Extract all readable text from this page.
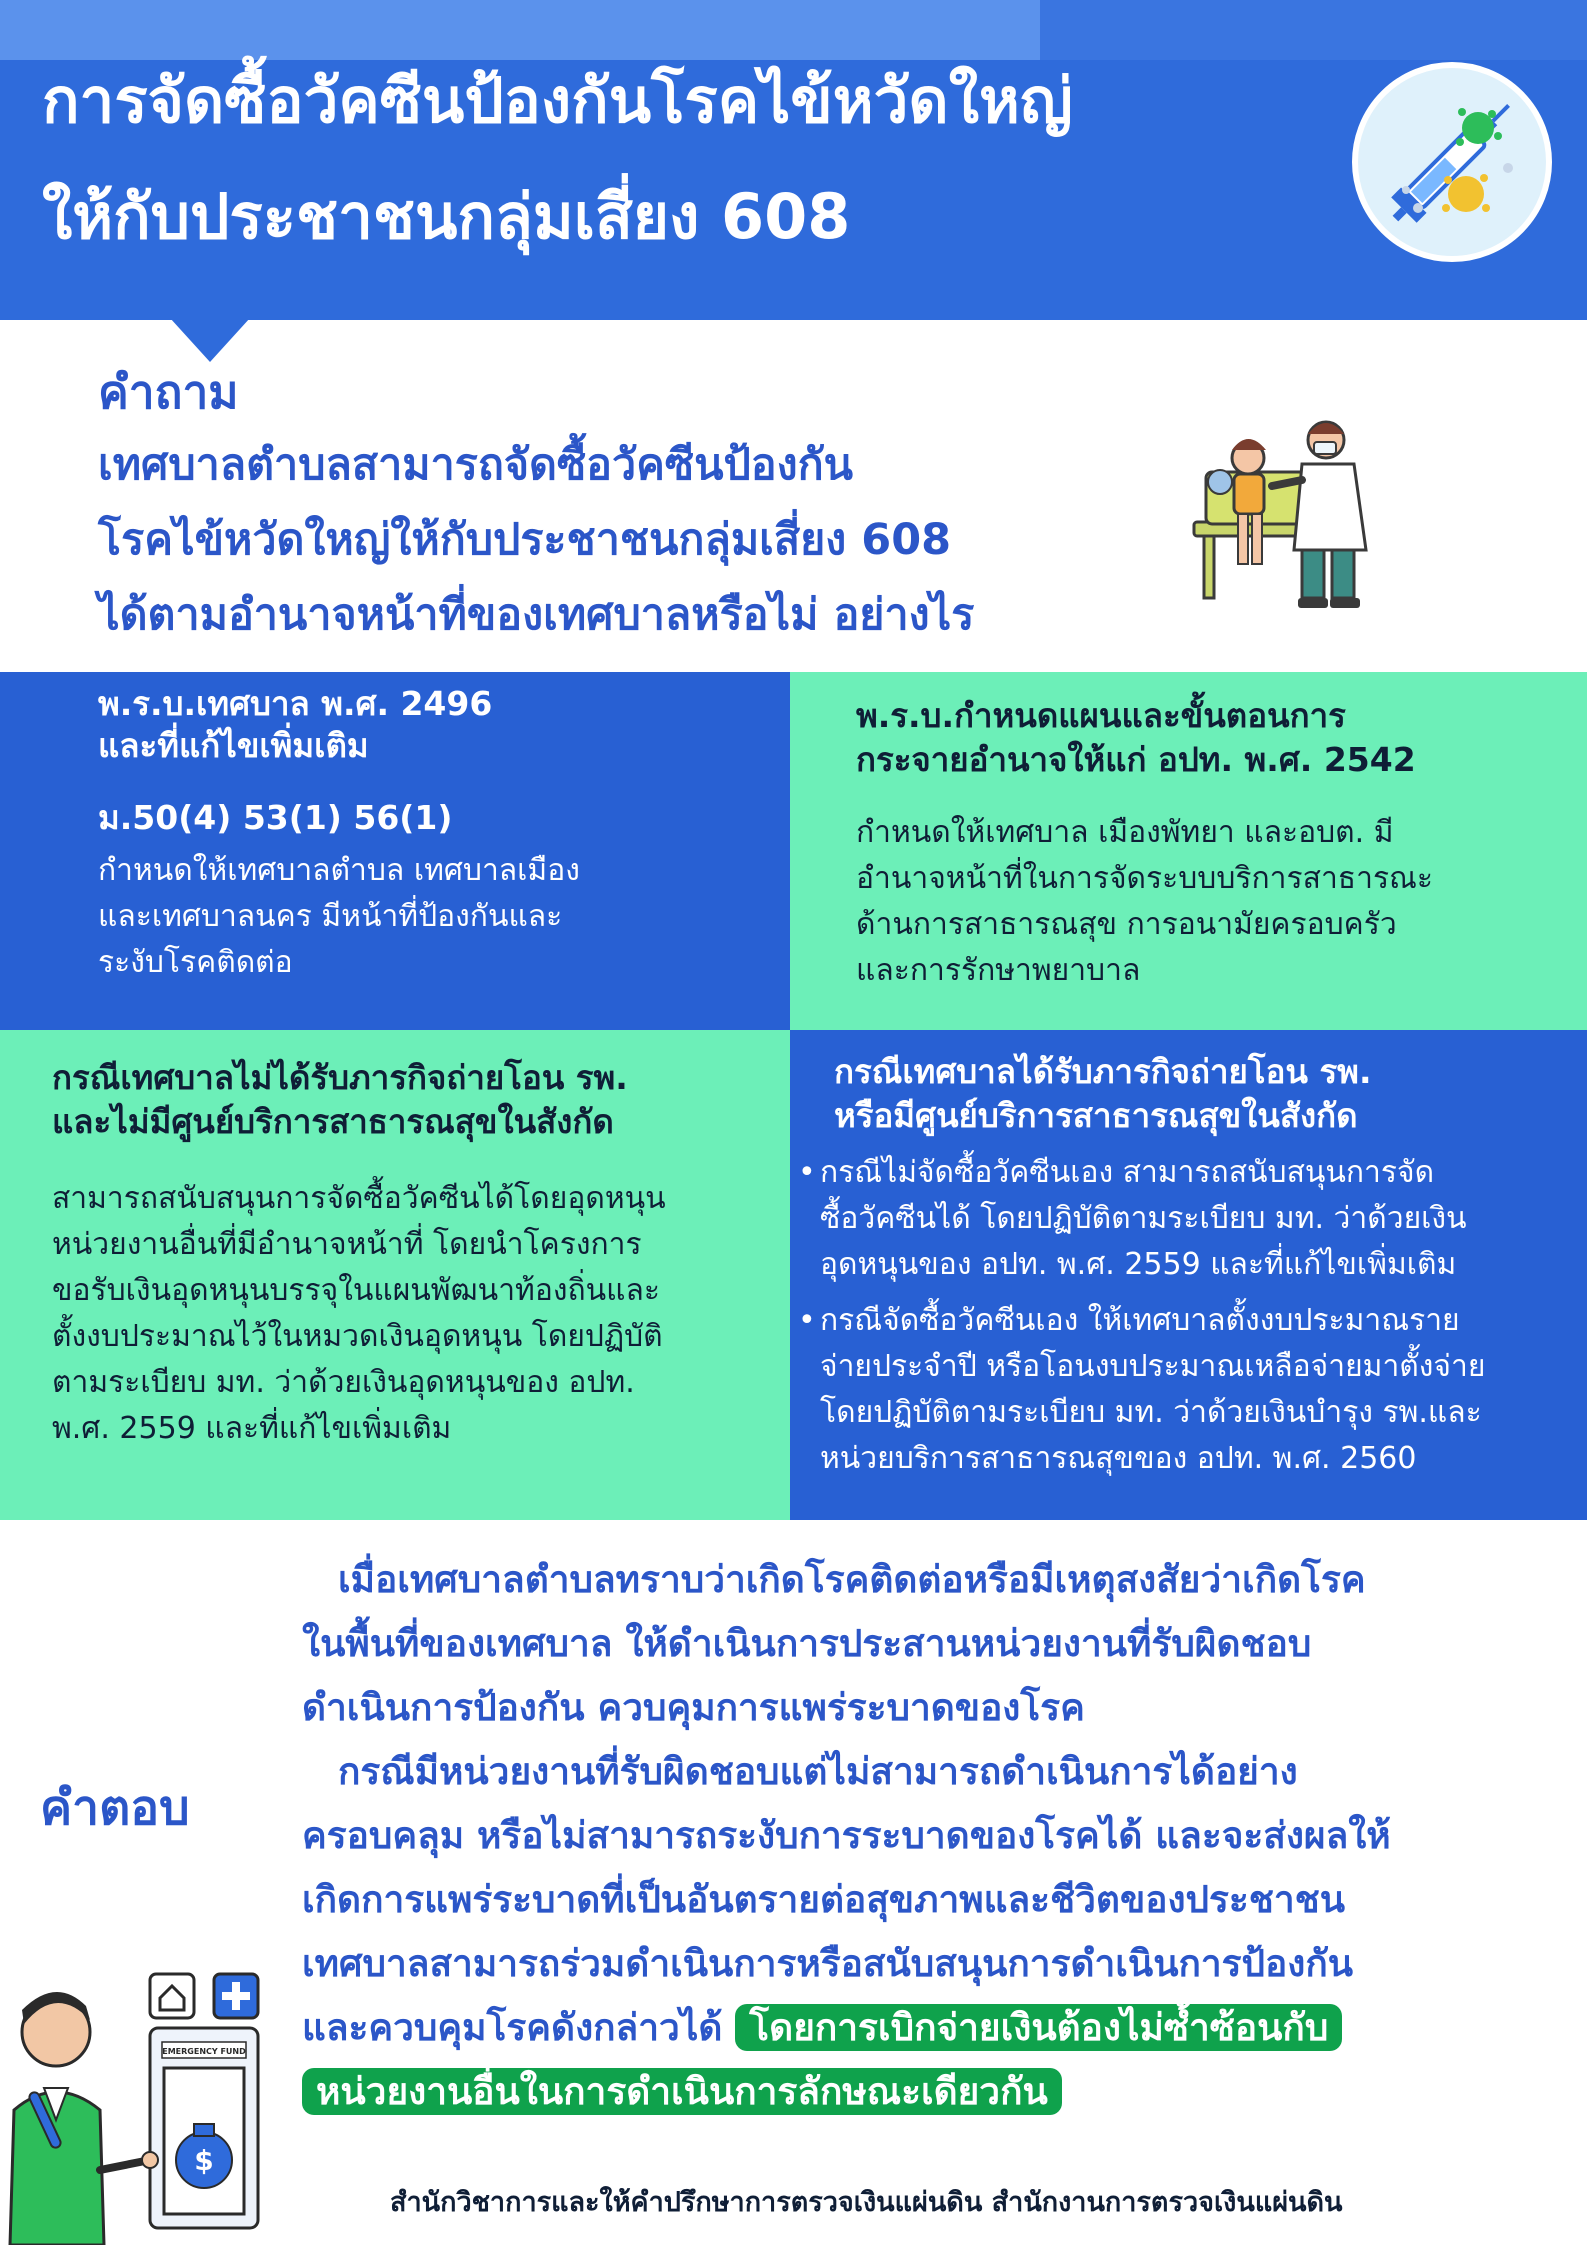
การจัดซื้อวัคซีนป้องกันโรคไข้หวัดใหญ่
ให้กับประชาชนกลุ่มเสี่ยง 608
คำถาม
เทศบาลตำบลสามารถจัดซื้อวัคซีนป้องกัน
โรคไข้หวัดใหญ่ให้กับประชาชนกลุ่มเสี่ยง 608
ได้ตามอำนาจหน้าที่ของเทศบาลหรือไม่ อย่างไร
พ.ร.บ.เทศบาล พ.ศ. 2496
และที่แก้ไขเพิ่มเติม
ม.50(4) 53(1) 56(1)
กำหนดให้เทศบาลตำบล เทศบาลเมือง
และเทศบาลนคร มีหน้าที่ป้องกันและ
ระงับโรคติดต่อ
พ.ร.บ.กำหนดแผนและขั้นตอนการ
กระจายอำนาจให้แก่ อปท. พ.ศ. 2542
กำหนดให้เทศบาล เมืองพัทยา และอบต. มี
อำนาจหน้าที่ในการจัดระบบบริการสาธารณะ
ด้านการสาธารณสุข การอนามัยครอบครัว
และการรักษาพยาบาล
กรณีเทศบาลไม่ได้รับภารกิจถ่ายโอน รพ.
และไม่มีศูนย์บริการสาธารณสุขในสังกัด
สามารถสนับสนุนการจัดซื้อวัคซีนได้โดยอุดหนุน
หน่วยงานอื่นที่มีอำนาจหน้าที่ โดยนำโครงการ
ขอรับเงินอุดหนุนบรรจุในแผนพัฒนาท้องถิ่นและ
ตั้งงบประมาณไว้ในหมวดเงินอุดหนุน โดยปฏิบัติ
ตามระเบียบ มท. ว่าด้วยเงินอุดหนุนของ อปท.
พ.ศ. 2559 และที่แก้ไขเพิ่มเติม
กรณีเทศบาลได้รับภารกิจถ่ายโอน รพ.
หรือมีศูนย์บริการสาธารณสุขในสังกัด
• กรณีไม่จัดซื้อวัคซีนเอง สามารถสนับสนุนการจัด
ซื้อวัคซีนได้ โดยปฏิบัติตามระเบียบ มท. ว่าด้วยเงิน
อุดหนุนของ อปท. พ.ศ. 2559 และที่แก้ไขเพิ่มเติม
• กรณีจัดซื้อวัคซีนเอง ให้เทศบาลตั้งงบประมาณราย
จ่ายประจำปี หรือโอนงบประมาณเหลือจ่ายมาตั้งจ่าย
โดยปฏิบัติตามระเบียบ มท. ว่าด้วยเงินบำรุง รพ.และ
หน่วยบริการสาธารณสุขของ อปท. พ.ศ. 2560
คำตอบ
เมื่อเทศบาลตำบลทราบว่าเกิดโรคติดต่อหรือมีเหตุสงสัยว่าเกิดโรค
ในพื้นที่ของเทศบาล ให้ดำเนินการประสานหน่วยงานที่รับผิดชอบ
ดำเนินการป้องกัน ควบคุมการแพร่ระบาดของโรค
กรณีมีหน่วยงานที่รับผิดชอบแต่ไม่สามารถดำเนินการได้อย่าง
ครอบคลุม หรือไม่สามารถระงับการระบาดของโรคได้ และจะส่งผลให้
เกิดการแพร่ระบาดที่เป็นอันตรายต่อสุขภาพและชีวิตของประชาชน
เทศบาลสามารถร่วมดำเนินการหรือสนับสนุนการดำเนินการป้องกัน
และควบคุมโรคดังกล่าวได้ โดยการเบิกจ่ายเงินต้องไม่ซ้ำซ้อนกับ
หน่วยงานอื่นในการดำเนินการลักษณะเดียวกัน
EMERGENCY FUND
$
สำนักวิชาการและให้คำปรึกษาการตรวจเงินแผ่นดิน สำนักงานการตรวจเงินแผ่นดิน
